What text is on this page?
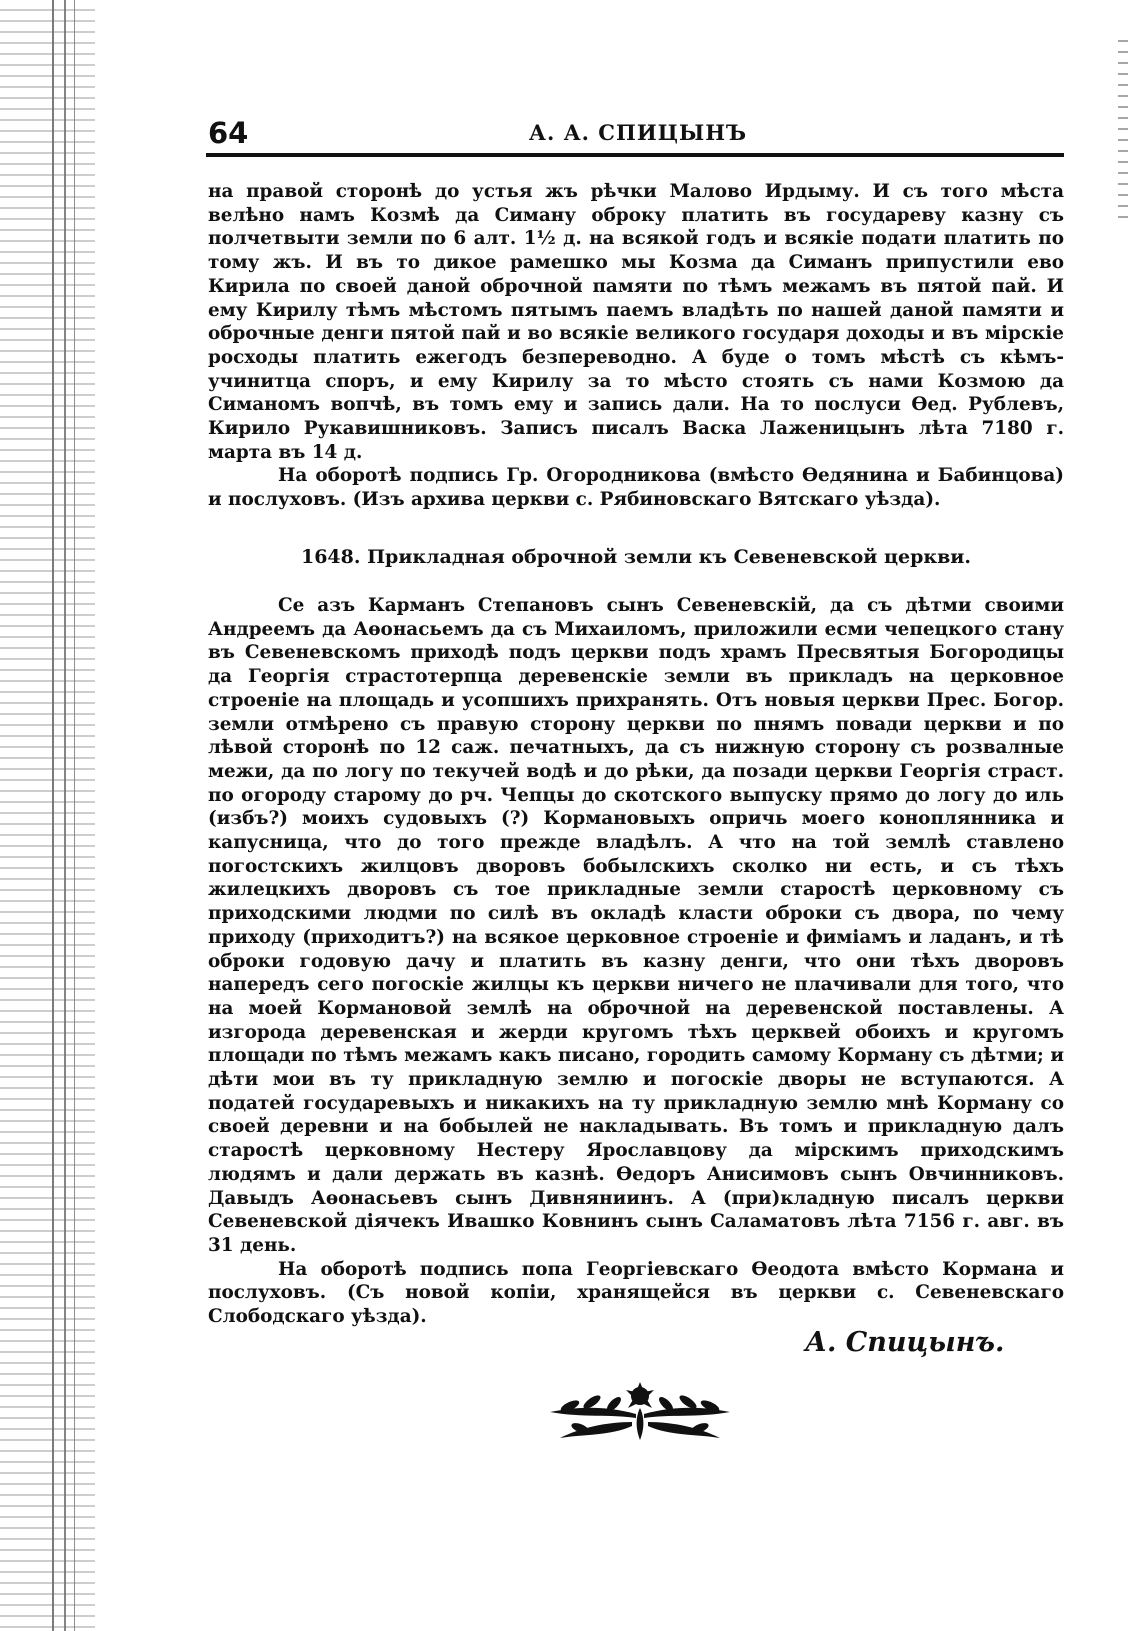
64	А. А. СПИЦЫНЪ

на правой сторонѣ до устья жъ рѣчки Малово Ирдыму. И съ того мѣста велѣно намъ Козмѣ да Симану оброку платить въ государеву казну съ полчетвыти земли по 6 алт. 1½ д. на всякой годъ и всякіе подати платить по тому жъ. И въ то дикое рамешко мы Козма да Симанъ припустили ево Кирила по своей даной оброчной памяти по тѣмъ межамъ въ пятой пай. И ему Кирилу тѣмъ мѣстомъ пятымъ паемъ владѣть по нашей даной памяти и оброчные денги пятой пай и во всякіе великого государя доходы и въ мірскіе росходы платить ежегодъ безпереводно. А буде о томъ мѣстѣ съ кѣмъ-учинитца споръ, и ему Кирилу за то мѣсто стоять съ нами Козмою да Симаномъ вопчѣ, въ томъ ему и запись дали. На то послуси Өед. Рублевъ, Кирило Рукавишниковъ. Записъ писалъ Васка Лаженицынъ лѣта 7180 г. марта въ 14 д.

На оборотѣ подпись Гр. Огородникова (вмѣсто Өедянина и Бабинцова) и послуховъ. (Изъ архива церкви с. Рябиновскаго Вятскаго уѣзда).

1648. Прикладная оброчной земли къ Севеневской церкви.

Се азъ Карманъ Степановъ сынъ Севеневскій, да съ дѣтми своими Андреемъ да Аөонасьемъ да съ Михаиломъ, приложили есми чепецкого стану въ Севеневскомъ приходѣ подъ церкви подъ храмъ Пресвятыя Богородицы да Георгія страстотерпца деревенскіе земли въ прикладъ на церковное строеніе на площадь и усопшихъ прихранять. Отъ новыя церкви Прес. Богор. земли отмѣрено съ правую сторону церкви по пнямъ повади церкви и по лѣвой сторонѣ по 12 саж. печатныхъ, да съ нижную сторону съ розвалные межи, да по логу по текучей водѣ и до рѣки, да позади церкви Георгія страст. по огороду старому до рч. Чепцы до скотского выпуску прямо до логу до иль (избъ?) моихъ судовыхъ (?) Кормановыхъ опричь моего коноплянника и капусница, что до того прежде владѣлъ. А что на той землѣ ставлено погостскихъ жилцовъ дворовъ бобылскихъ сколко ни есть, и съ тѣхъ жилецкихъ дворовъ съ тое прикладные земли старостѣ церковному съ приходскими людми по силѣ въ окладѣ класти оброки съ двора, по чему приходу (приходитъ?) на всякое церковное строеніе и фиміамъ и ладанъ, и тѣ оброки годовую дачу и платить въ казну денги, что они тѣхъ дворовъ напередъ сего погоскіе жилцы къ церкви ничего не плачивали для того, что на моей Кормановой землѣ на оброчной на деревенской поставлены. А изгорода деревенская и жерди кругомъ тѣхъ церквей обоихъ и кругомъ площади по тѣмъ межамъ какъ писано, городить самому Корману съ дѣтми; и дѣти мои въ ту прикладную землю и погоскіе дворы не вступаются. А податей государевыхъ и никакихъ на ту прикладную землю мнѣ Корману со своей деревни и на бобылей не накладывать. Въ томъ и прикладную далъ старостѣ церковному Нестеру Ярославцову да мірскимъ приходскимъ людямъ и дали держать въ казнѣ. Өедоръ Анисимовъ сынъ Овчинниковъ. Давыдъ Аөонасьевъ сынъ Дивняниинъ. А (при)кладную писалъ церкви Севеневской діячекъ Ивашко Ковнинъ сынъ Саламатовъ лѣта 7156 г. авг. въ 31 день.

На оборотѣ подпись попа Георгіевскаго Өеодота вмѣсто Кормана и послуховъ. (Съ новой копіи, хранящейся въ церкви с. Севеневскаго Слободскаго уѣзда).

А. Спицынъ.
